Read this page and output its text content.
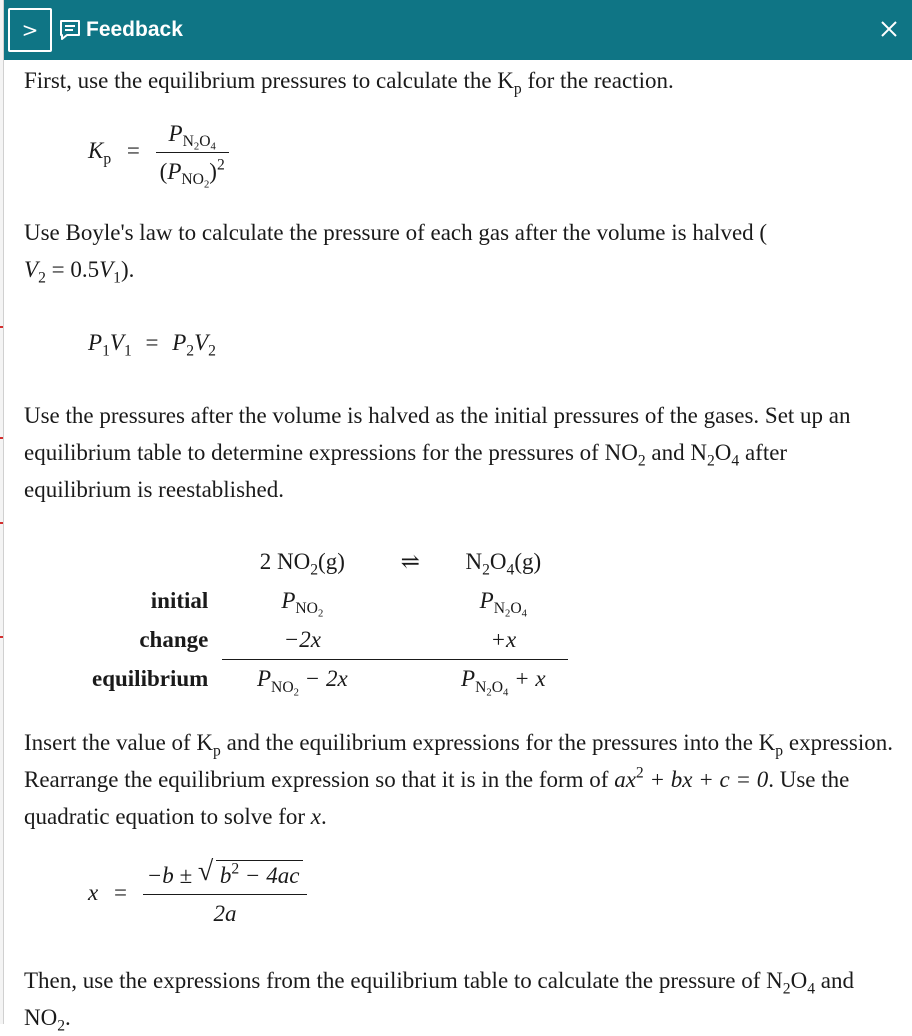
> Feedback

First, use the equilibrium pressures to calculate the $K_p$ for the reaction.

$K_p = \frac{P_{N_2O_4}}{(P_{NO_2})^2}$

Use Boyle's law to calculate the pressure of each gas after the volume is halved (
$V_2 = 0.5V_1$).

$P_1V_1 = P_2V_2$

Use the pressures after the volume is halved as the initial pressures of the gases. Set up an equilibrium table to determine expressions for the pressures of $NO_2$ and $N_2O_4$ after equilibrium is reestablished.

	2 $NO_2(g)$	⇌	$N_2O_4(g)$
initial	$P_{NO_2}$		$P_{N_2O_4}$
change	−2x		+x
equilibrium	$P_{NO_2} - 2x$		$P_{N_2O_4} + x$

Insert the value of $K_p$ and the equilibrium expressions for the pressures into the $K_p$ expression. Rearrange the equilibrium expression so that it is in the form of $ax^2$ + bx + c = 0. Use the quadratic equation to solve for x.

$x = \frac{-b \pm √ b^2 - 4ac}{2a}$

Then, use the expressions from the equilibrium table to calculate the pressure of $N_2O_4$ and $NO_2$.
